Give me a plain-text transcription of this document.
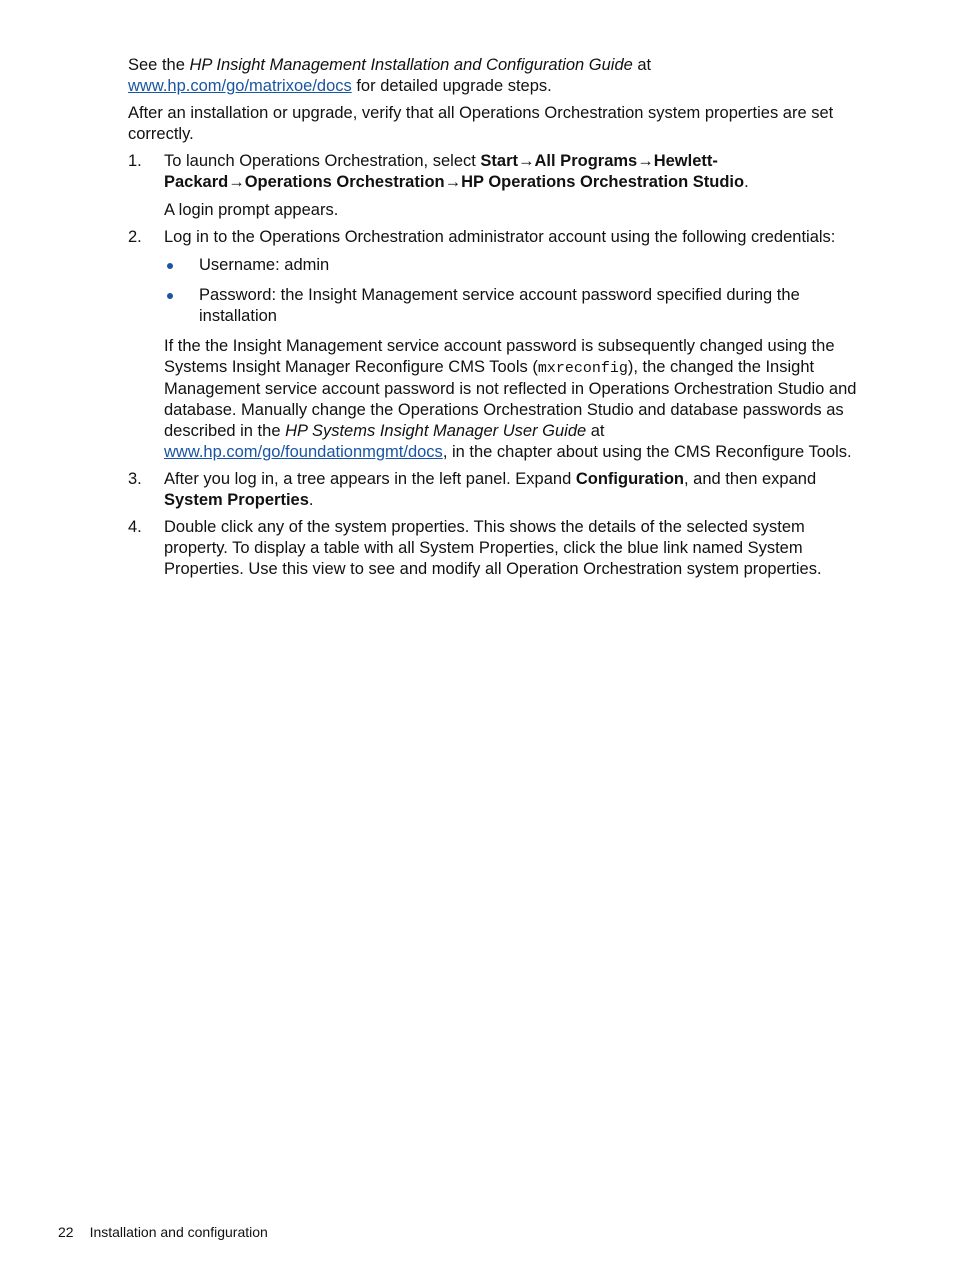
See the HP Insight Management Installation and Configuration Guide at www.hp.com/go/matrixoe/docs for detailed upgrade steps.

After an installation or upgrade, verify that all Operations Orchestration system properties are set correctly.

1. To launch Operations Orchestration, select Start→All Programs→Hewlett-Packard→Operations Orchestration→HP Operations Orchestration Studio.

A login prompt appears.

2. Log in to the Operations Orchestration administrator account using the following credentials:

Username: admin
Password: the Insight Management service account password specified during the installation

If the the Insight Management service account password is subsequently changed using the Systems Insight Manager Reconfigure CMS Tools (mxreconfig), the changed the Insight Management service account password is not reflected in Operations Orchestration Studio and database. Manually change the Operations Orchestration Studio and database passwords as described in the HP Systems Insight Manager User Guide at www.hp.com/go/foundationmgmt/docs, in the chapter about using the CMS Reconfigure Tools.

3. After you log in, a tree appears in the left panel. Expand Configuration, and then expand System Properties.

4. Double click any of the system properties. This shows the details of the selected system property. To display a table with all System Properties, click the blue link named System Properties. Use this view to see and modify all Operation Orchestration system properties.

22 Installation and configuration
